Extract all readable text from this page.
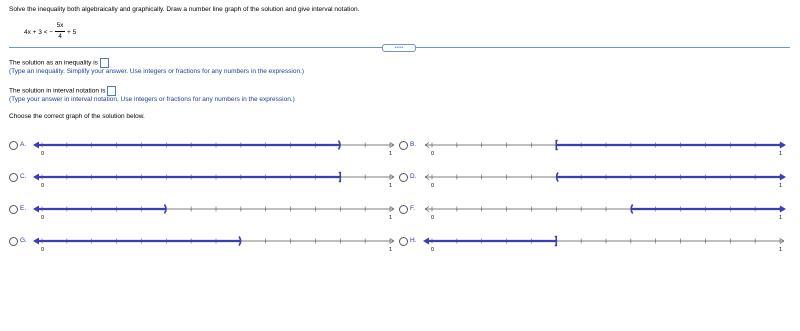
Solve the inequality both algebraically and graphically. Draw a number line graph of the solution and give interval notation.
4x + 3 < −
5x
4
+ 5
•••••
The solution as an inequality is
(Type an inequality. Simplify your answer. Use integers or fractions for any numbers in the expression.)
The solution in interval notation is
(Type your answer in interval notation. Use integers or fractions for any numbers in the expression.)
Choose the correct graph of the solution below.
A.
0	1
B.
0	1
C.
0	1
D.
0	1
E.
0	1
F.
0	1
G.
0	1
H.
0	1
